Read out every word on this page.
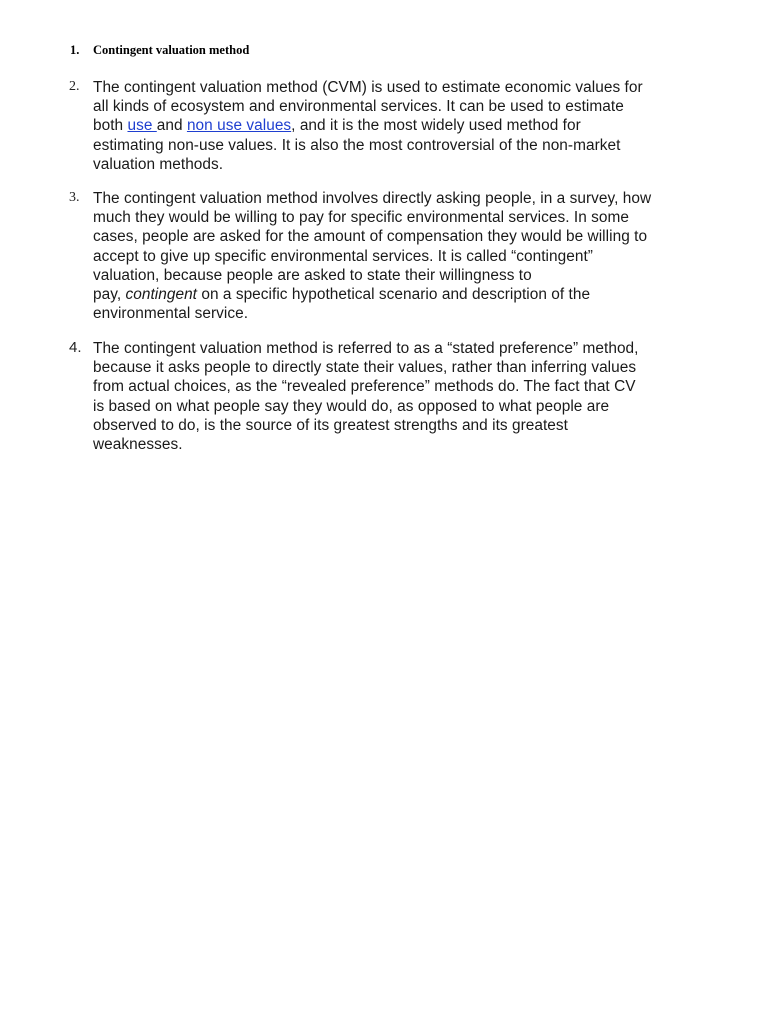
1. Contingent valuation method
2. The contingent valuation method (CVM) is used to estimate economic values for
all kinds of ecosystem and environmental services. It can be used to estimate
both use and non use values, and it is the most widely used method for
estimating non-use values. It is also the most controversial of the non-market
valuation methods.
3. The contingent valuation method involves directly asking people, in a survey, how
much they would be willing to pay for specific environmental services. In some
cases, people are asked for the amount of compensation they would be willing to
accept to give up specific environmental services. It is called “contingent”
valuation, because people are asked to state their willingness to
pay, contingent on a specific hypothetical scenario and description of the
environmental service.
4. The contingent valuation method is referred to as a “stated preference” method,
because it asks people to directly state their values, rather than inferring values
from actual choices, as the “revealed preference” methods do. The fact that CV
is based on what people say they would do, as opposed to what people are
observed to do, is the source of its greatest strengths and its greatest
weaknesses.
